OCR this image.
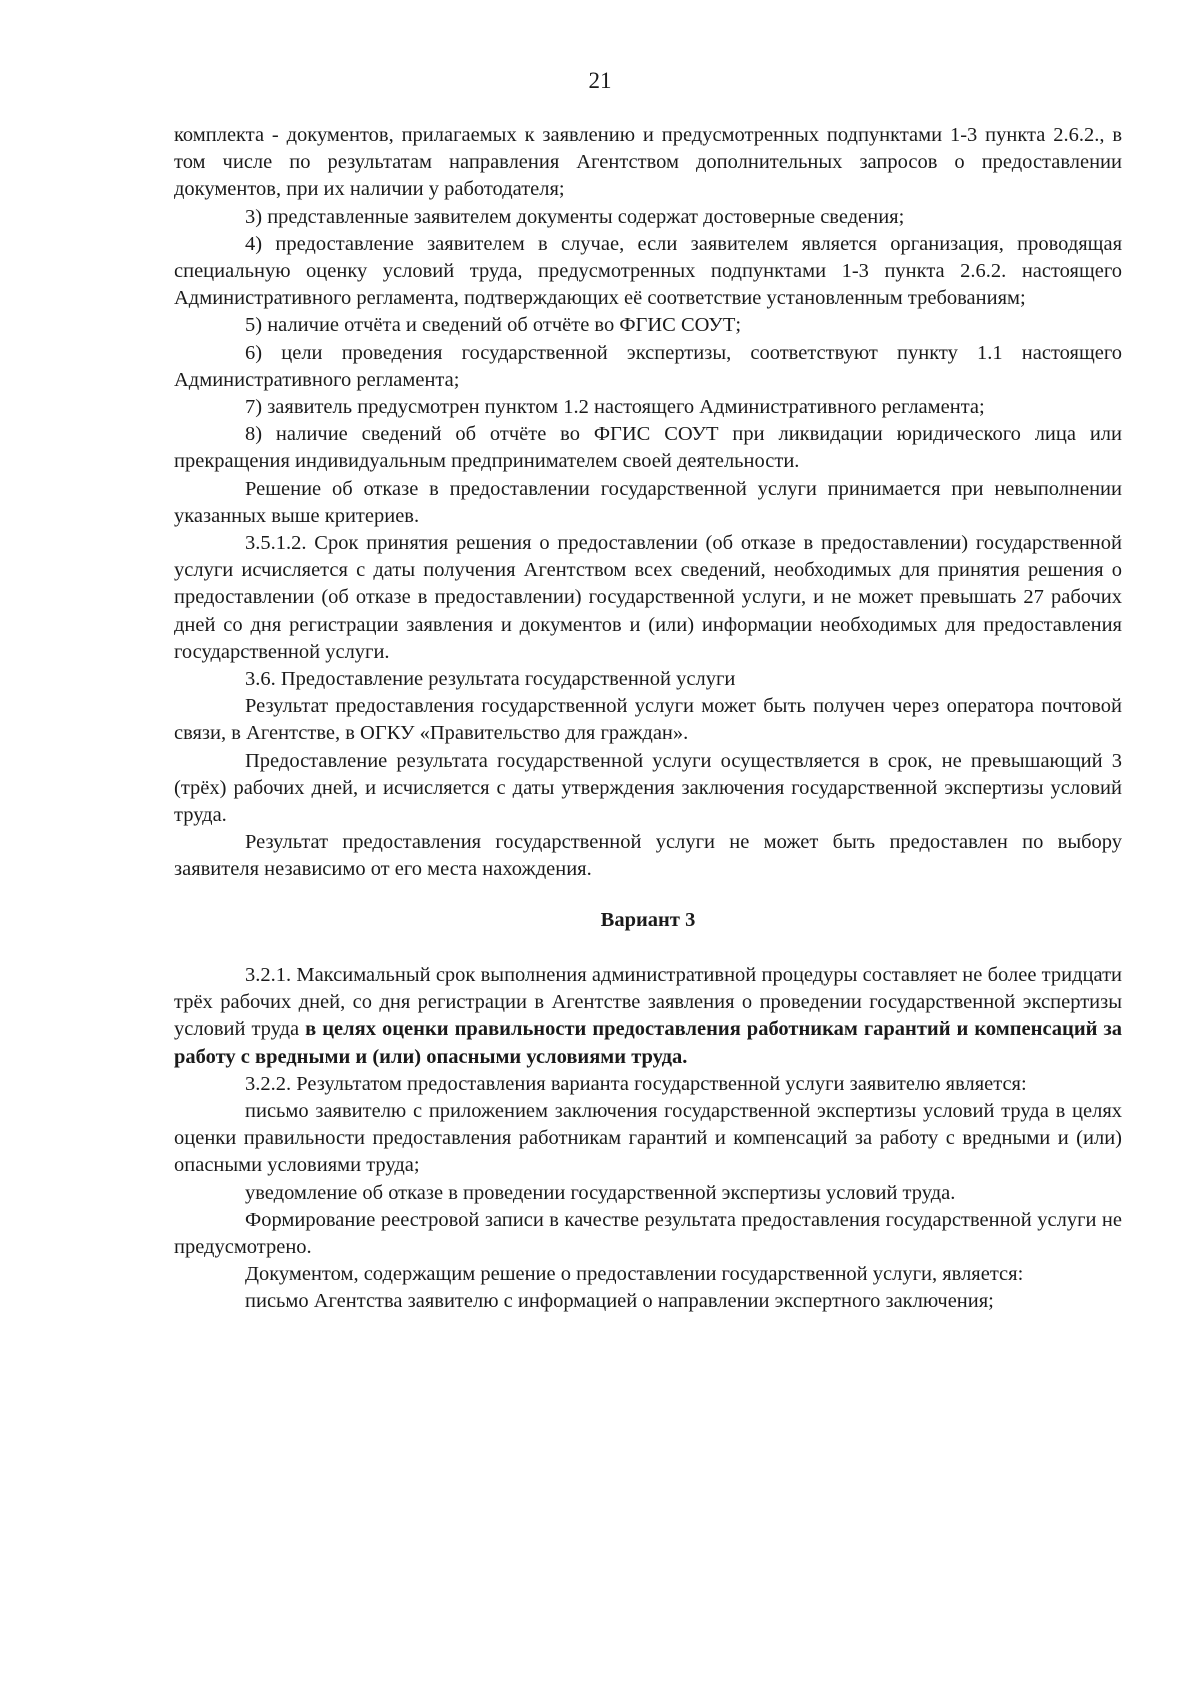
21

комплекта - документов, прилагаемых к заявлению и предусмотренных подпунктами 1-3 пункта 2.6.2., в том числе по результатам направления Агентством дополнительных запросов о предоставлении документов, при их наличии у работодателя;

3) представленные заявителем документы содержат достоверные сведения;

4) предоставление заявителем в случае, если заявителем является организация, проводящая специальную оценку условий труда, предусмотренных подпунктами 1-3 пункта 2.6.2. настоящего Административного регламента, подтверждающих её соответствие установленным требованиям;

5) наличие отчёта и сведений об отчёте во ФГИС СОУТ;

6) цели проведения государственной экспертизы, соответствуют пункту 1.1 настоящего Административного регламента;

7) заявитель предусмотрен пунктом 1.2 настоящего Административного регламента;

8) наличие сведений об отчёте во ФГИС СОУТ при ликвидации юридического лица или прекращения индивидуальным предпринимателем своей деятельности.

Решение об отказе в предоставлении государственной услуги принимается при невыполнении указанных выше критериев.

3.5.1.2. Срок принятия решения о предоставлении (об отказе в предоставлении) государственной услуги исчисляется с даты получения Агентством всех сведений, необходимых для принятия решения о предоставлении (об отказе в предоставлении) государственной услуги, и не может превышать 27 рабочих дней со дня регистрации заявления и документов и (или) информации необходимых для предоставления государственной услуги.

3.6. Предоставление результата государственной услуги

Результат предоставления государственной услуги может быть получен через оператора почтовой связи, в Агентстве, в ОГКУ «Правительство для граждан».

Предоставление результата государственной услуги осуществляется в срок, не превышающий 3 (трёх) рабочих дней, и исчисляется с даты утверждения заключения государственной экспертизы условий труда.

Результат предоставления государственной услуги не может быть предоставлен по выбору заявителя независимо от его места нахождения.

Вариант 3

3.2.1. Максимальный срок выполнения административной процедуры составляет не более тридцати трёх рабочих дней, со дня регистрации в Агентстве заявления о проведении государственной экспертизы условий труда в целях оценки правильности предоставления работникам гарантий и компенсаций за работу с вредными и (или) опасными условиями труда.

3.2.2. Результатом предоставления варианта государственной услуги заявителю является:

письмо заявителю с приложением заключения государственной экспертизы условий труда в целях оценки правильности предоставления работникам гарантий и компенсаций за работу с вредными и (или) опасными условиями труда;

уведомление об отказе в проведении государственной экспертизы условий труда.

Формирование реестровой записи в качестве результата предоставления государственной услуги не предусмотрено.

Документом, содержащим решение о предоставлении государственной услуги, является:

письмо Агентства заявителю с информацией о направлении экспертного заключения;
